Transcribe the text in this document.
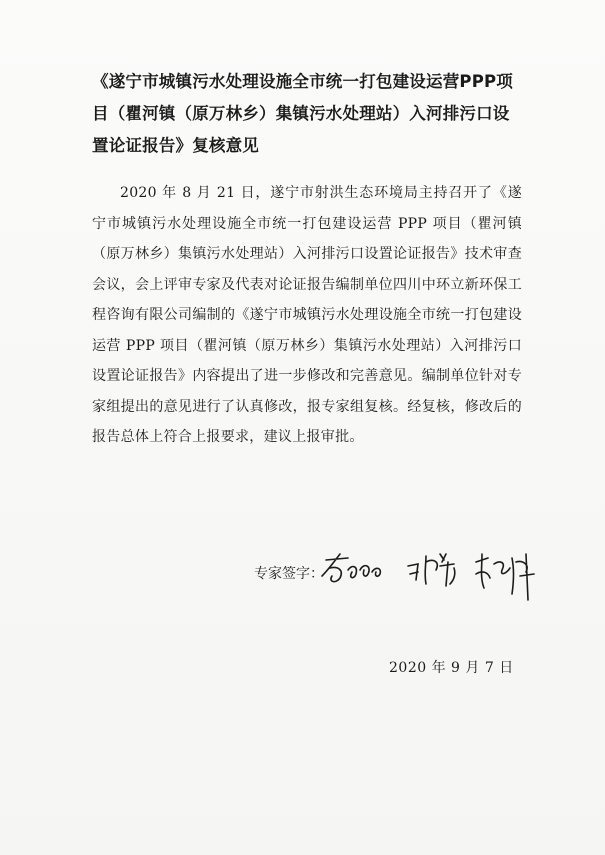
《遂宁市城镇污水处理设施全市统一打包建设运营PPP项目（瞿河镇（原万林乡）集镇污水处理站）入河排污口设置论证报告》复核意见

2020 年 8 月 21 日，遂宁市射洪生态环境局主持召开了《遂宁市城镇污水处理设施全市统一打包建设运营 PPP 项目（瞿河镇（原万林乡）集镇污水处理站）入河排污口设置论证报告》技术审查会议，会上评审专家及代表对论证报告编制单位四川中环立新环保工程咨询有限公司编制的《遂宁市城镇污水处理设施全市统一打包建设运营 PPP 项目（瞿河镇（原万林乡）集镇污水处理站）入河排污口设置论证报告》内容提出了进一步修改和完善意见。编制单位针对专家组提出的意见进行了认真修改，报专家组复核。经复核，修改后的报告总体上符合上报要求，建议上报审批。

专家签字：
2020 年 9 月 7 日
